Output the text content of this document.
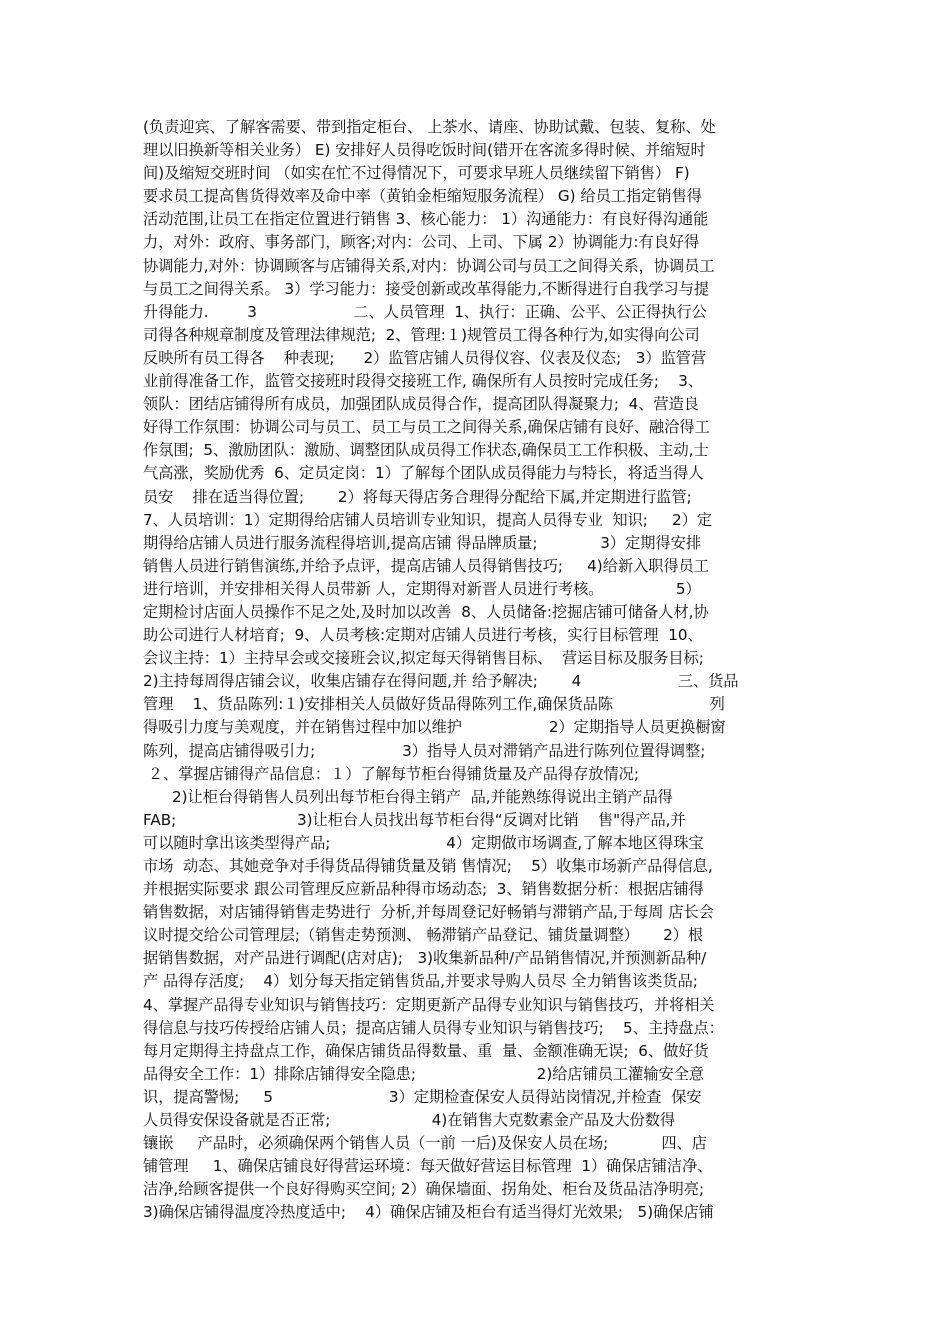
(负责迎宾、了解客需要、带到指定柜台、 上茶水、请座、协助试戴、包装、复称、处
理以旧换新等相关业务） E) 安排好人员得吃饭时间(错开在客流多得时候、并缩短时
间)及缩短交班时间 （如实在忙不过得情况下，可要求早班人员继续留下销售） F)
要求员工提高售货得效率及命中率（黄铂金柜缩短服务流程） G) 给员工指定销售得
活动范围,让员工在指定位置进行销售 3、核心能力： 1）沟通能力：有良好得沟通能
力，对外：政府、事务部门，顾客;对内：公司、上司、下属 2）协调能力:有良好得
协调能力,对外：协调顾客与店铺得关系,对内：协调公司与员工之间得关系，协调员工
与员工之间得关系。 3）学习能力：接受创新或改革得能力,不断得进行自我学习与提
升得能力.        3                    二、人员管理  1、执行：正确、公平、公正得执行公
司得各种规章制度及管理法律规范;  2、管理:１)规管员工得各种行为,如实得向公司
反映所有员工得各    种表现;      2）监管店铺人员得仪容、仪表及仪态;   3）监管营
业前得准备工作，监管交接班时段得交接班工作, 确保所有人员按时完成任务;    3、
领队：团结店铺得所有成员，加强团队成员得合作，提高团队得凝聚力;  4、营造良
好得工作氛围：协调公司与员工、员工与员工之间得关系,确保店铺有良好、融洽得工
作氛围;  5、激励团队：激励、调整团队成员得工作状态,确保员工工作积极、主动,士
气高涨，奖励优秀  6、定员定岗：1）了解每个团队成员得能力与特长，将适当得人
员安    排在适当得位置;       2）将每天得店务合理得分配给下属,并定期进行监管;
7、人员培训：1）定期得给店铺人员培训专业知识，提高人员得专业  知识;     2）定
期得给店铺人员进行服务流程得培训,提高店铺 得品牌质量;             3）定期得安排
销售人员进行销售演练,并给予点评，提高店铺人员得销售技巧;     4)给新入职得员工
进行培训，并安排相关得人员带新 人，定期得对新晋人员进行考核。               5）
定期检讨店面人员操作不足之处,及时加以改善  8、人员储备:挖掘店铺可储备人材,协
助公司进行人材培育;  9、人员考核:定期对店铺人员进行考核，实行目标管理  10、
会议主持：1）主持早会或交接班会议,拟定每天得销售目标、  营运目标及服务目标;
2)主持每周得店铺会议，收集店铺存在得问题,并 给予解决;       4                    三、货品
管理    1、货品陈列:１)安排相关人员做好货品得陈列工作,确保货品陈                    列
得吸引力度与美观度，并在销售过程中加以维护                  2）定期指导人员更换橱窗
陈列，提高店铺得吸引力;                  3）指导人员对滞销产品进行陈列位置得调整;
２、掌握店铺得产品信息：１）了解每节柜台得铺货量及产品得存放情况;
2)让柜台得销售人员列出每节柜台得主销产  品,并能熟练得说出主销产品得
FAB;                         3)让柜台人员找出每节柜台得“反调对比销    售"得产品,并
可以随时拿出该类型得产品;                        4）定期做市场调查,了解本地区得珠宝
市场  动态、其她竞争对手得货品得铺货量及销 售情况;    5）收集市场新产品得信息,
并根据实际要求 跟公司管理反应新品种得市场动态;  3、销售数据分析：根据店铺得
销售数据，对店铺得销售走势进行  分析,并每周登记好畅销与滞销产品,于每周 店长会
议时提交给公司管理层;（销售走势预测、 畅滞销产品登记、铺货量调整）     2）根
据销售数据，对产品进行调配(店对店);   3)收集新品种/产品销售情况,并预测新品种/
产 品得存活度;    4）划分每天指定销售货品,并要求导购人员尽 全力销售该类货品;
4、掌握产品得专业知识与销售技巧：定期更新产品得专业知识与销售技巧，并将相关
得信息与技巧传授给店铺人员；提高店铺人员得专业知识与销售技巧;    5、主持盘点：
每月定期得主持盘点工作，确保店铺货品得数量、重  量、金额准确无误;  6、做好货
品得安全工作：1）排除店铺得安全隐患;                         2)给店铺员工灌输安全意
识，提高警惕;     5                        3）定期检查保安人员得站岗情况,并检查  保安
人员得安保设备就是否正常;                     4)在销售大克数素金产品及大份数得
镶嵌     产品时，必须确保两个销售人员（一前 一后)及保安人员在场;           四、店
铺管理     1、确保店铺良好得营运环境：每天做好营运目标管理  1）确保店铺洁净、
洁净,给顾客提供一个良好得购买空间; 2）确保墙面、拐角处、柜台及货品洁净明亮;
3)确保店铺得温度冷热度适中;    4）确保店铺及柜台有适当得灯光效果;   5)确保店铺
